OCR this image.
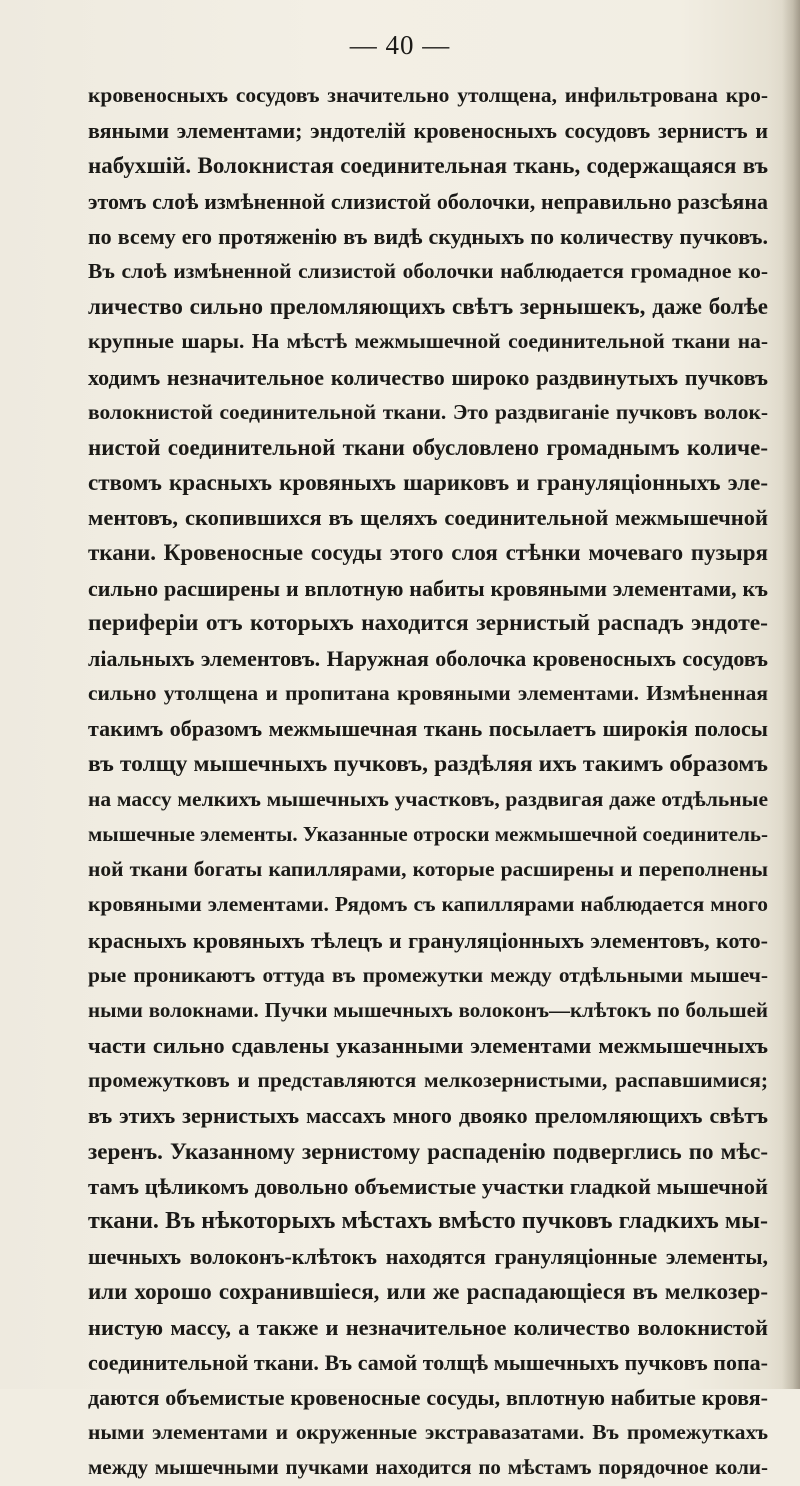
— 40 —
кровеносныхъ сосудовъ значительно утолщена, инфильтрована кро-
вяными элементами; эндотелій кровеносныхъ сосудовъ зернистъ и
набухшій. Волокнистая соединительная ткань, содержащаяся въ
этомъ слоѣ измѣненной слизистой оболочки, неправильно разсѣяна
по всему его протяженію въ видѣ скудныхъ по количеству пучковъ.
Въ слоѣ измѣненной слизистой оболочки наблюдается громадное ко-
личество сильно преломляющихъ свѣтъ зернышекъ, даже болѣе
крупные шары. На мѣстѣ межмышечной соединительной ткани на-
ходимъ незначительное количество широко раздвинутыхъ пучковъ
волокнистой соединительной ткани. Это раздвиганіе пучковъ волок-
нистой соединительной ткани обусловлено громаднымъ количе-
ствомъ красныхъ кровяныхъ шариковъ и грануляціонныхъ эле-
ментовъ, скопившихся въ щеляхъ соединительной межмышечной
ткани. Кровеносные сосуды этого слоя стѣнки мочеваго пузыря
сильно расширены и вплотную набиты кровяными элементами, къ
периферіи отъ которыхъ находится зернистый распадъ эндоте-
ліальныхъ элементовъ. Наружная оболочка кровеносныхъ сосудовъ
сильно утолщена и пропитана кровяными элементами. Измѣненная
такимъ образомъ межмышечная ткань посылаетъ широкія полосы
въ толщу мышечныхъ пучковъ, раздѣляя ихъ такимъ образомъ
на массу мелкихъ мышечныхъ участковъ, раздвигая даже отдѣльные
мышечные элементы. Указанные отроски межмышечной соединитель-
ной ткани богаты капиллярами, которые расширены и переполнены
кровяными элементами. Рядомъ съ капиллярами наблюдается много
красныхъ кровяныхъ тѣлецъ и грануляціонныхъ элементовъ, кото-
рые проникаютъ оттуда въ промежутки между отдѣльными мышеч-
ными волокнами. Пучки мышечныхъ волоконъ—клѣтокъ по большей
части сильно сдавлены указанными элементами межмышечныхъ
промежутковъ и представляются мелкозернистыми, распавшимися;
въ этихъ зернистыхъ массахъ много двояко преломляющихъ свѣтъ
зеренъ. Указанному зернистому распаденію подверглись по мѣс-
тамъ цѣликомъ довольно объемистые участки гладкой мышечной
ткани. Въ нѣкоторыхъ мѣстахъ вмѣсто пучковъ гладкихъ мы-
шечныхъ волоконъ-клѣтокъ находятся грануляціонные элементы,
или хорошо сохранившіеся, или же распадающіеся въ мелкозер-
нистую массу, а также и незначительное количество волокнистой
соединительной ткани. Въ самой толщѣ мышечныхъ пучковъ попа-
даются объемистые кровеносные сосуды, вплотную набитые кровя-
ными элементами и окруженные экстравазатами. Въ промежуткахъ
между мышечными пучками находится по мѣстамъ порядочное коли-
